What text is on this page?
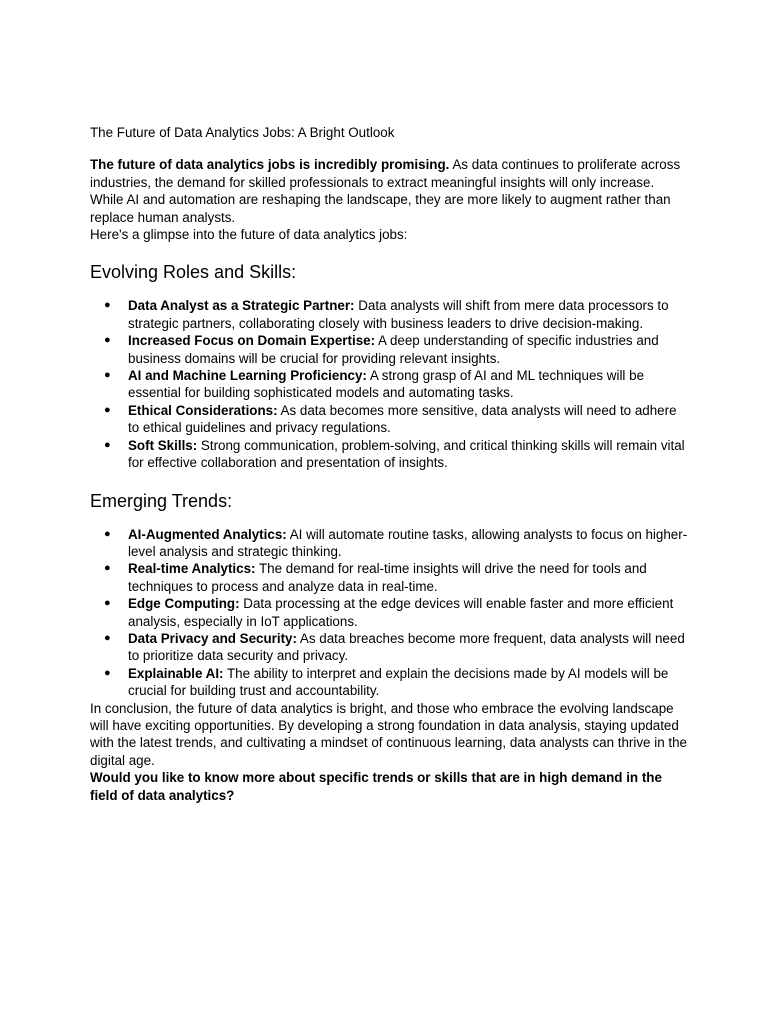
The Future of Data Analytics Jobs: A Bright Outlook

The future of data analytics jobs is incredibly promising. As data continues to proliferate across industries, the demand for skilled professionals to extract meaningful insights will only increase. While AI and automation are reshaping the landscape, they are more likely to augment rather than replace human analysts.

Here's a glimpse into the future of data analytics jobs:

Evolving Roles and Skills:
● Data Analyst as a Strategic Partner: Data analysts will shift from mere data processors to strategic partners, collaborating closely with business leaders to drive decision-making.
● Increased Focus on Domain Expertise: A deep understanding of specific industries and business domains will be crucial for providing relevant insights.
● AI and Machine Learning Proficiency: A strong grasp of AI and ML techniques will be essential for building sophisticated models and automating tasks.
● Ethical Considerations: As data becomes more sensitive, data analysts will need to adhere to ethical guidelines and privacy regulations.
● Soft Skills: Strong communication, problem-solving, and critical thinking skills will remain vital for effective collaboration and presentation of insights.
Emerging Trends:
● AI-Augmented Analytics: AI will automate routine tasks, allowing analysts to focus on higher-level analysis and strategic thinking.
● Real-time Analytics: The demand for real-time insights will drive the need for tools and techniques to process and analyze data in real-time.
● Edge Computing: Data processing at the edge devices will enable faster and more efficient analysis, especially in IoT applications.
● Data Privacy and Security: As data breaches become more frequent, data analysts will need to prioritize data security and privacy.
● Explainable AI: The ability to interpret and explain the decisions made by AI models will be crucial for building trust and accountability.

In conclusion, the future of data analytics is bright, and those who embrace the evolving landscape will have exciting opportunities. By developing a strong foundation in data analysis, staying updated with the latest trends, and cultivating a mindset of continuous learning, data analysts can thrive in the digital age.

Would you like to know more about specific trends or skills that are in high demand in the field of data analytics?
